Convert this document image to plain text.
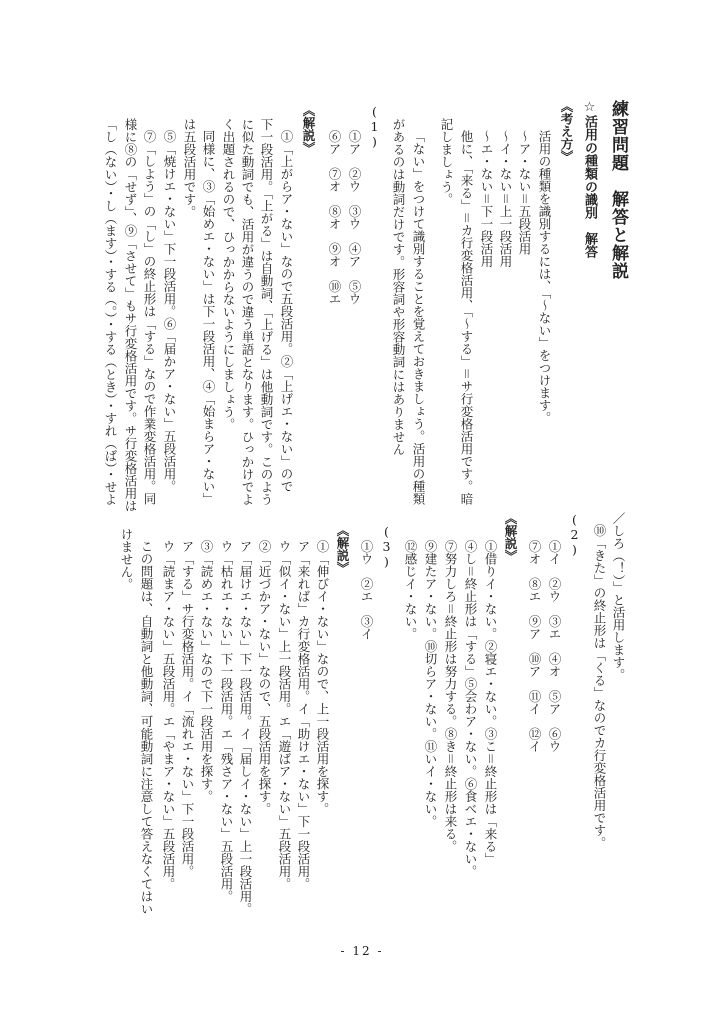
練習問題　解答と解説
☆活用の種類の識別　解答
《考え方》
活用の種類を識別するには、「〜ない」をつけます。
〜ア・ない＝五段活用
〜イ・ない＝上一段活用
〜エ・ない＝下一段活用
他に、「来る」＝カ行変格活用、「〜する」＝サ行変格活用です。暗
記しましょう。
「ない」をつけて識別することを覚えておきましょう。活用の種類
があるのは動詞だけです。形容詞や形容動詞にはありません
(1)
①ア　②ウ　③ウ　④ア　⑤ウ
⑥ア　⑦オ　⑧オ　⑨オ　⑩エ
《解説》
①「上がらア・ない」なので五段活用。②「上げエ・ない」ので
下一段活用。「上がる」は自動詞、「上げる」は他動詞です。このよう
に似た動詞でも、活用が違うので違う単語となります。ひっかけでよ
く出題されるので、ひっかからないようにしましょう。
同様に、③「始めエ・ない」は下一段活用、④「始まらア・ない」
は五段活用です。
⑤「焼けエ・ない」下一段活用。⑥「届かア・ない」五段活用。
⑦「しよう」の「し」の終止形は「する」なので作業変格活用。同
様に⑧の「せず」、⑨「させて」もサ行変格活用です。サ行変格活用は
「し（ない）・し（ます）・する（。）・する（とき）・すれ（ば）・せよ
／しろ（！）」と活用します。
⑩「きた」の終止形は「くる」なのでカ行変格活用です。
(2)
①イ　②ウ　③エ　④オ　⑤ア　⑥ウ
⑦オ　⑧エ　⑨ア　⑩ア　⑪イ　⑫イ
《解説》
①借りイ・ない。②寝エ・ない。③こ＝終止形は「来る」
④し＝終止形は「する」⑤会わア・ない。⑥食べエ・ない。
⑦努力しろ＝終止形は努力する。⑧き＝終止形は来る。
⑨建たア・ない。⑩切らア・ない。⑪いイ・ない。
⑫感じイ・ない。
(3)
①ウ　②エ　③イ
《解説》
①「伸びイ・ない」なので、上一段活用を探す。
ア「来れば」カ行変格活用。イ「助けエ・ない」下一段活用。
ウ「似イ・ない」上一段活用。エ「遊ばア・ない」五段活用。
②「近づかア・ない」なので、五段活用を探す。
ア「届けエ・ない」下一段活用。イ「届しイ・ない」上一段活用。
ウ「枯れエ・ない」下一段活用。エ「残さア・ない」五段活用。
③「読めエ・ない」なので下一段活用を探す。
ア「する」サ行変格活用。イ「流れエ・ない」下一段活用。
ウ「読まア・ない」五段活用。エ「やまア・ない」五段活用。
この問題は、自動詞と他動詞、可能動詞に注意して答えなくてはい
けません。
- 12 -
